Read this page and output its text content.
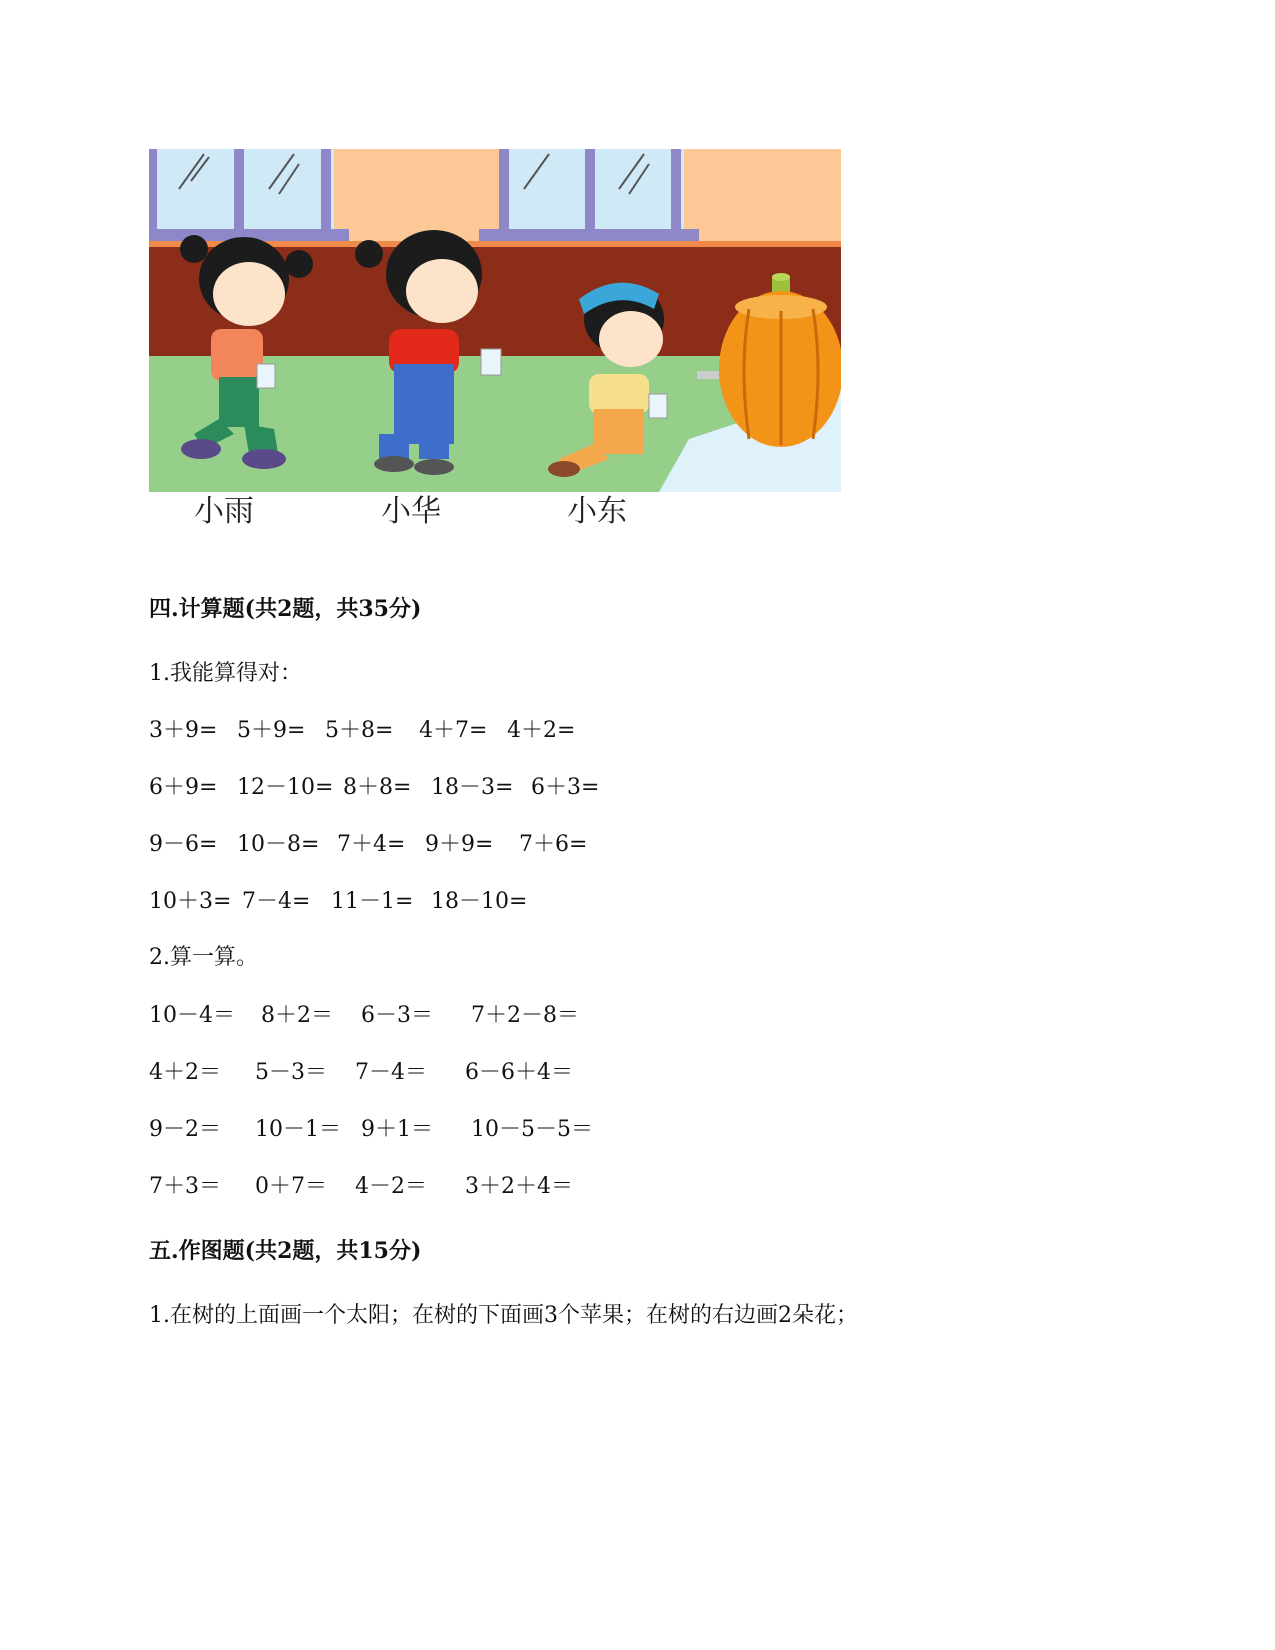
小雨	小华	小东
四.计算题(共2题，共35分)
1.我能算得对：
3＋9= 5＋9= 5＋8= 4＋7= 4＋2=
6＋9= 12－10= 8＋8= 18－3= 6＋3=
9－6= 10－8= 7＋4= 9＋9= 7＋6=
10＋3= 7－4= 11－1= 18－10=
2.算一算。
10－4＝ 8＋2＝ 6－3＝ 7＋2－8＝
4＋2＝ 5－3＝ 7－4＝ 6－6＋4＝
9－2＝ 10－1＝ 9＋1＝ 10－5－5＝
7＋3＝ 0＋7＝ 4－2＝ 3＋2＋4＝
五.作图题(共2题，共15分)
1.在树的上面画一个太阳；在树的下面画3个苹果；在树的右边画2朵花；
